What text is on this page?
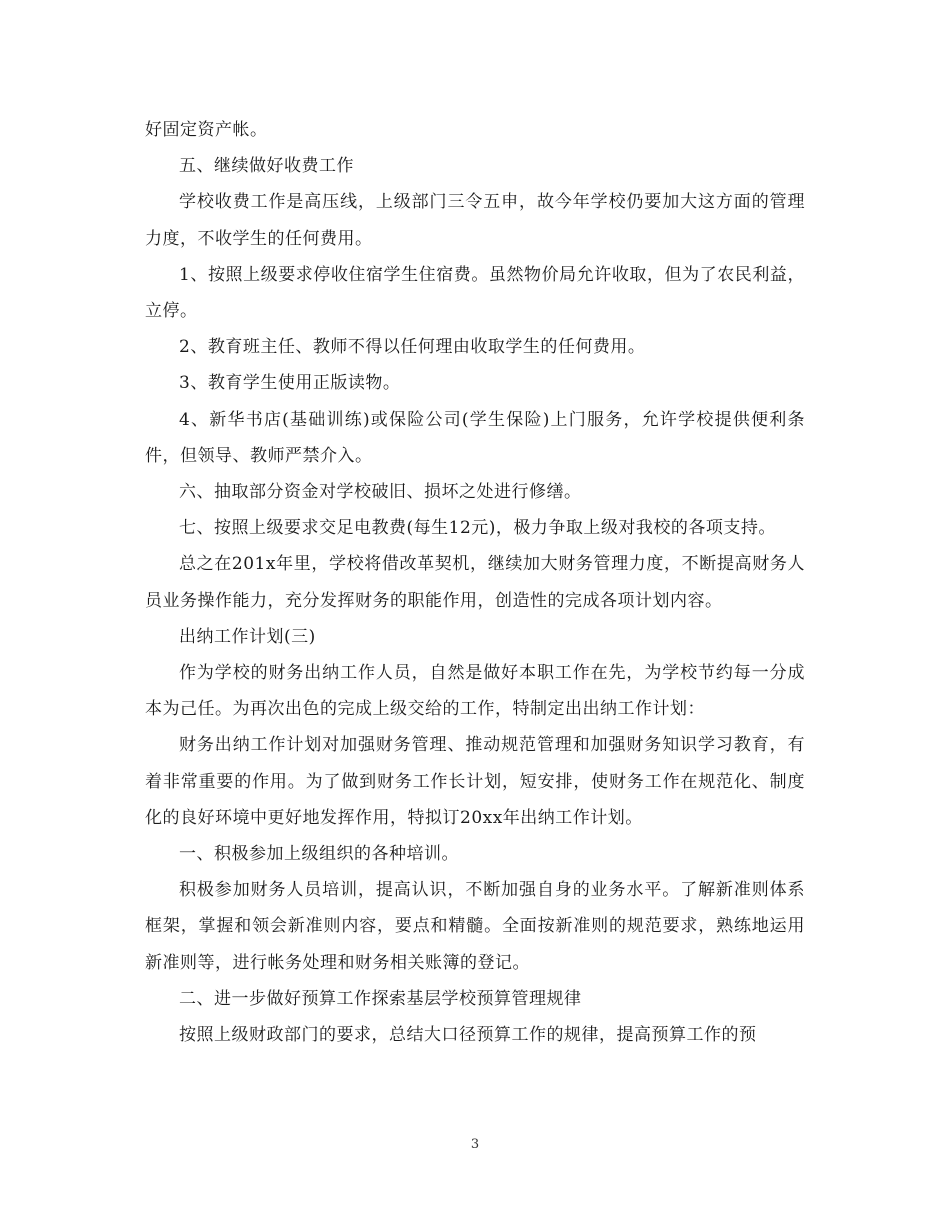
好固定资产帐。

五、继续做好收费工作

学校收费工作是高压线，上级部门三令五申，故今年学校仍要加大这方面的管理力度，不收学生的任何费用。

1、按照上级要求停收住宿学生住宿费。虽然物价局允许收取，但为了农民利益，立停。

2、教育班主任、教师不得以任何理由收取学生的任何费用。

3、教育学生使用正版读物。

4、新华书店(基础训练)或保险公司(学生保险)上门服务，允许学校提供便利条件，但领导、教师严禁介入。

六、抽取部分资金对学校破旧、损坏之处进行修缮。

七、按照上级要求交足电教费(每生12元)，极力争取上级对我校的各项支持。

总之在201x年里，学校将借改革契机，继续加大财务管理力度，不断提高财务人员业务操作能力，充分发挥财务的职能作用，创造性的完成各项计划内容。

出纳工作计划(三)

作为学校的财务出纳工作人员，自然是做好本职工作在先，为学校节约每一分成本为己任。为再次出色的完成上级交给的工作，特制定出出纳工作计划：

财务出纳工作计划对加强财务管理、推动规范管理和加强财务知识学习教育，有着非常重要的作用。为了做到财务工作长计划，短安排，使财务工作在规范化、制度化的良好环境中更好地发挥作用，特拟订20xx年出纳工作计划。

一、积极参加上级组织的各种培训。

积极参加财务人员培训，提高认识，不断加强自身的业务水平。了解新准则体系框架，掌握和领会新准则内容，要点和精髓。全面按新准则的规范要求，熟练地运用新准则等，进行帐务处理和财务相关账簿的登记。

二、进一步做好预算工作探索基层学校预算管理规律

按照上级财政部门的要求，总结大口径预算工作的规律，提高预算工作的预

3
